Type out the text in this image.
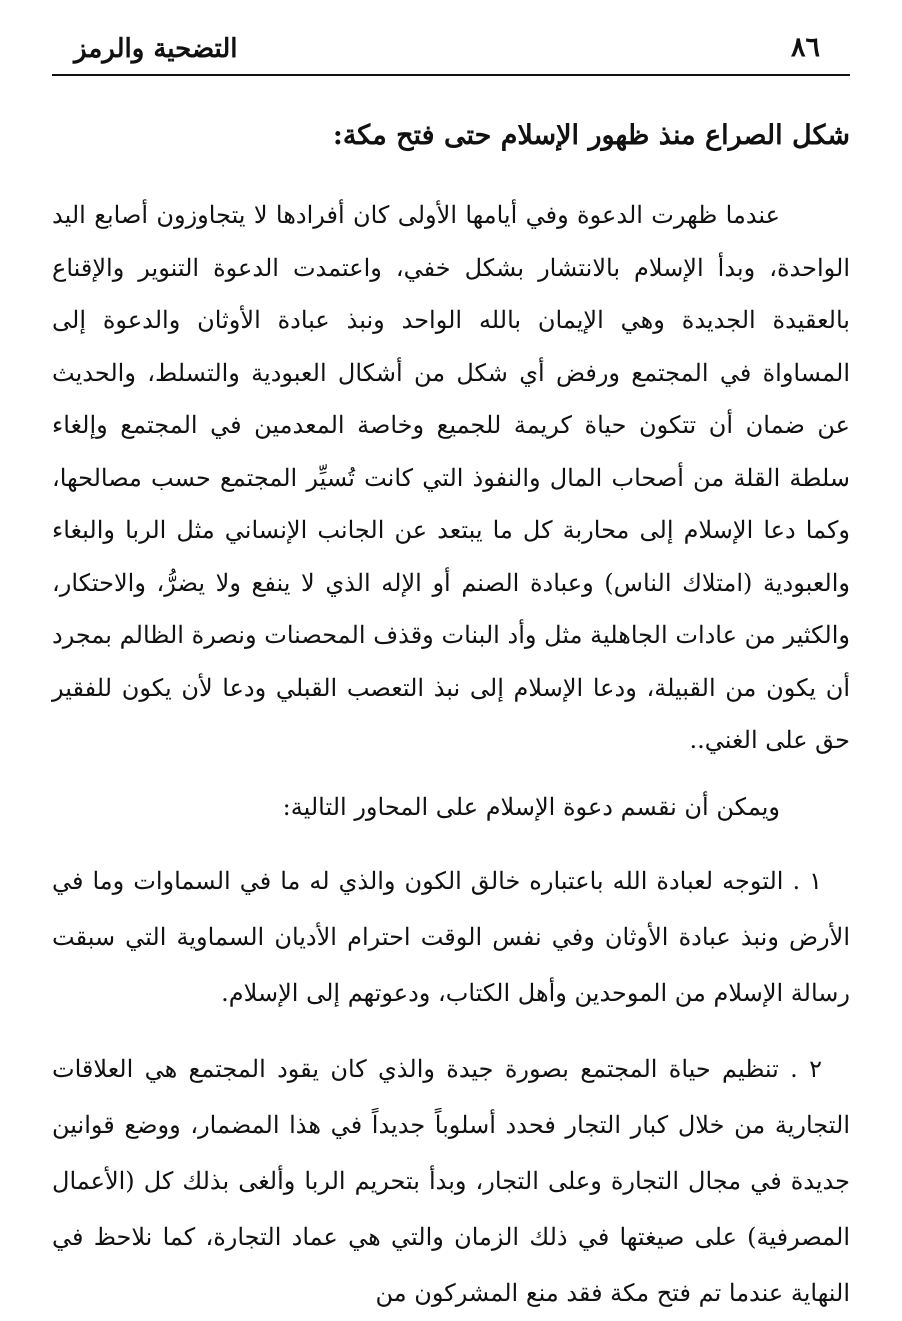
التضحية والرمز	٨٦
شكل الصراع منذ ظهور الإسلام حتى فتح مكة:

عندما ظهرت الدعوة وفي أيامها الأولى كان أفرادها لا يتجاوزون أصابع اليد الواحدة، وبدأ الإسلام بالانتشار بشكل خفي، واعتمدت الدعوة التنوير والإقناع بالعقيدة الجديدة وهي الإيمان بالله الواحد ونبذ عبادة الأوثان والدعوة إلى المساواة في المجتمع ورفض أي شكل من أشكال العبودية والتسلط، والحديث عن ضمان أن تتكون حياة كريمة للجميع وخاصة المعدمين في المجتمع وإلغاء سلطة القلة من أصحاب المال والنفوذ التي كانت تُسيِّر المجتمع حسب مصالحها، وكما دعا الإسلام إلى محاربة كل ما يبتعد عن الجانب الإنساني مثل الربا والبغاء والعبودية (امتلاك الناس) وعبادة الصنم أو الإله الذي لا ينفع ولا يضرُّ، والاحتكار، والكثير من عادات الجاهلية مثل وأد البنات وقذف المحصنات ونصرة الظالم بمجرد أن يكون من القبيلة، ودعا الإسلام إلى نبذ التعصب القبلي ودعا لأن يكون للفقير حق على الغني..

ويمكن أن نقسم دعوة الإسلام على المحاور التالية:

١ . التوجه لعبادة الله باعتباره خالق الكون والذي له ما في السماوات وما في الأرض ونبذ عبادة الأوثان وفي نفس الوقت احترام الأديان السماوية التي سبقت رسالة الإسلام من الموحدين وأهل الكتاب، ودعوتهم إلى الإسلام.

٢ . تنظيم حياة المجتمع بصورة جيدة والذي كان يقود المجتمع هي العلاقات التجارية من خلال كبار التجار فحدد أسلوباً جديداً في هذا المضمار، ووضع قوانين جديدة في مجال التجارة وعلى التجار، وبدأ بتحريم الربا وألغى بذلك كل (الأعمال المصرفية) على صيغتها في ذلك الزمان والتي هي عماد التجارة، كما نلاحظ في النهاية عندما تم فتح مكة فقد منع المشركون من
